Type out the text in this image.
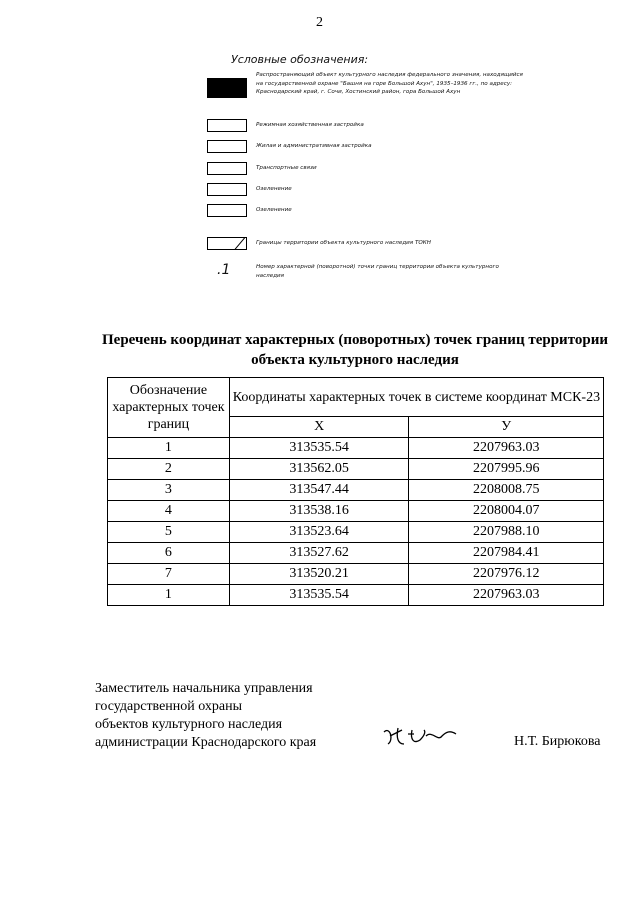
2
Условные обозначения:
Распространяющий объект культурного наследия федерального значения, находящийся на государственной охране "Башня на горе Большой Ахун", 1935–1936 гг., по адресу: Краснодарский край, г. Сочи, Хостинский район, гора Большой Ахун
Режимная хозяйственная застройка
Жилая и административная застройка
Транспортные связи
Озеленение
Озеленение
Границы территории объекта культурного наследия ТОКН
.1	Номер характерной (поворотной) точки границ территории объекта культурного наследия
Перечень координат характерных (поворотных) точек границ территории
объекта культурного наследия
Обозначение характерных точек границ	Координаты характерных точек в системе координат МСК-23	
	X	У
1	313535.54	2207963.03
2	313562.05	2207995.96
3	313547.44	2208008.75
4	313538.16	2208004.07
5	313523.64	2207988.10
6	313527.62	2207984.41
7	313520.21	2207976.12
1	313535.54	2207963.03
Заместитель начальника управления
государственной охраны
объектов культурного наследия
администрации Краснодарского края	Н.Т. Бирюкова
